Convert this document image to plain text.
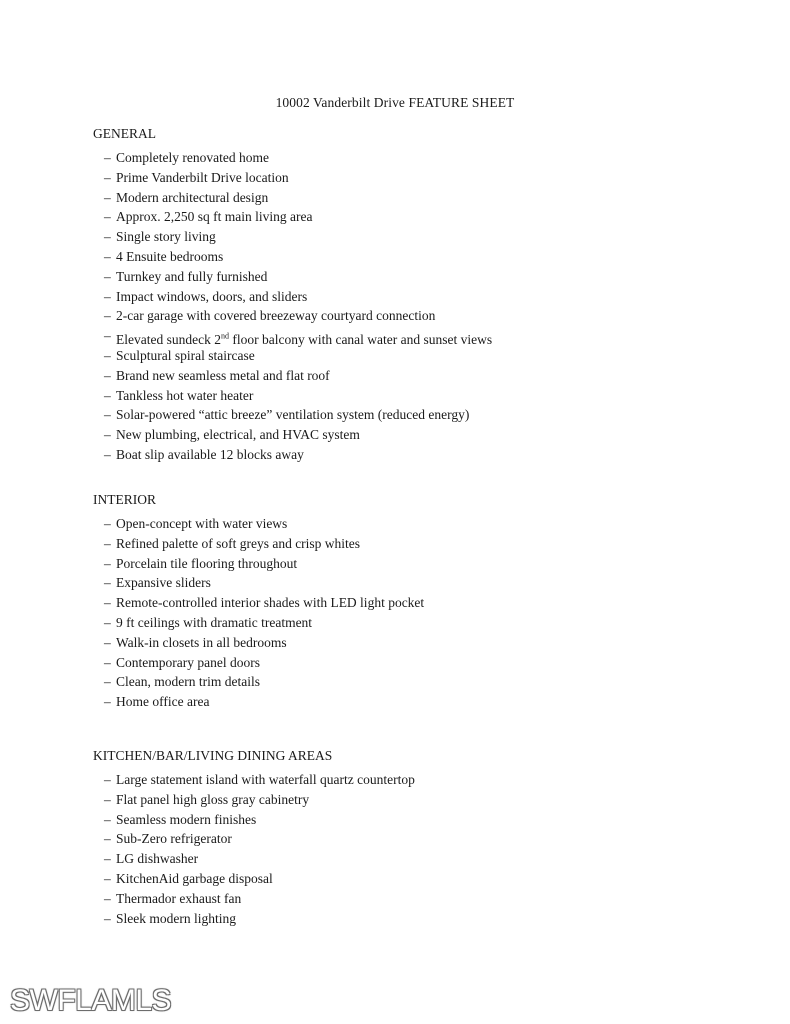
10002 Vanderbilt Drive FEATURE SHEET
GENERAL
– Completely renovated home
– Prime Vanderbilt Drive location
– Modern architectural design
– Approx. 2,250 sq ft main living area
– Single story living
– 4 Ensuite bedrooms
– Turnkey and fully furnished
– Impact windows, doors, and sliders
– 2-car garage with covered breezeway courtyard connection
– Elevated sundeck 2nd floor balcony with canal water and sunset views
– Sculptural spiral staircase
– Brand new seamless metal and flat roof
– Tankless hot water heater
– Solar-powered “attic breeze” ventilation system (reduced energy)
– New plumbing, electrical, and HVAC system
– Boat slip available 12 blocks away
INTERIOR
– Open-concept with water views
– Refined palette of soft greys and crisp whites
– Porcelain tile flooring throughout
– Expansive sliders
– Remote-controlled interior shades with LED light pocket
– 9 ft ceilings with dramatic treatment
– Walk-in closets in all bedrooms
– Contemporary panel doors
– Clean, modern trim details
– Home office area
KITCHEN/BAR/LIVING DINING AREAS
– Large statement island with waterfall quartz countertop
– Flat panel high gloss gray cabinetry
– Seamless modern finishes
– Sub-Zero refrigerator
– LG dishwasher
– KitchenAid garbage disposal
– Thermador exhaust fan
– Sleek modern lighting
SWFLAMLS
